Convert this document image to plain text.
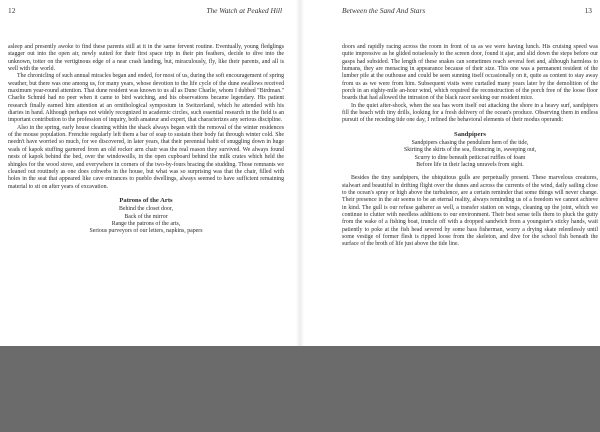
12	The Watch at Peaked Hill

asleep and presently awoke to find these parents still at it in the same fervent routine. Eventually, young fledglings stagger out into the open air, newly suited for their first space trip in their pin feathers, decide to dive into the unknown, totter on the vertiginous edge of a near crash landing, but, miraculously, fly, like their parents, and all is well with the world.

The chronicling of such annual miracles began and ended, for most of us, during the soft encouragement of spring weather, but there was one among us, for many years, whose devotion to the life cycle of the dune swallows received maximum year-round attention. That dune resident was known to us all as Dune Charlie, whom I dubbed "Birdman." Charlie Schmid had no peer when it came to bird watching, and his observations became legendary. His patient research finally earned him attention at an ornithological symposium in Switzerland, which he attended with his diaries in hand. Although perhaps not widely recognized in academic circles, such essential research in the field is an important contribution to the profession of inquiry, both amateur and expert, that characterizes any serious discipline.

Also in the spring, early house cleaning within the shack always began with the removal of the winter residences of the mouse population. Frenchie regularly left them a bar of soap to sustain their body fat through winter cold. She needn't have worried so much, for we discovered, in later years, that their perennial habit of snuggling down in huge wads of kapok stuffing garnered from an old rocker arm chair was the real reason they survived. We always found nests of kapok behind the bed, over the windowsills, in the open cupboard behind the milk crates which held the shingles for the wood stove, and everywhere in corners of the two-by-fours bracing the studding. Those remnants we cleaned out routinely as one does cobwebs in the house, but what was so surprising was that the chair, filled with holes in the seat that appeared like cave entrances to pueblo dwellings, always seemed to have sufficient remaining material to sit on after years of excavation.

Patrons of the Arts
Behind the closet door,
Back of the mirror
Range the patrons of the arts,
Serious purveyors of our letters, napkins, papers
Between the Sand And Stars	13

doors and rapidly racing across the room in front of us as we were having lunch. His cruising speed was quite impressive as he glided noiselessly to the screen door, found it ajar, and slid down the steps before our gasps had subsided. The length of these snakes can sometimes reach several feet and, although harmless to humans, they are menacing in appearance because of their size. This one was a permanent resident of the lumber pile at the outhouse and could be seen sunning itself occasionally on it, quite as content to stay away from us as we were from him. Subsequent visits were curtailed many years later by the demolition of the porch in an eighty-mile an-hour wind, which required the reconstruction of the porch free of the loose floor boards that had allowed the intrusion of the black racer seeking our resident mice.

In the quiet after-shock, when the sea has worn itself out attacking the shore in a heavy surf, sandpipers fill the beach with tiny drills, looking for a fresh delivery of the ocean's produce. Observing them in endless pursuit of the receding tide one day, I refined the behavioral elements of their modus operandi:

Sandpipers
Sandpipers chasing the pendulum hem of the tide,
Skirting the skirts of the sea, flouncing in, sweeping out,
Scurry to dine beneath petticoat ruffles of foam
Before life in their lacing unravels from sight.

Besides the tiny sandpipers, the ubiquitous gulls are perpetually present. These marvelous creatures, stalwart and beautiful in drifting flight over the dunes and across the currents of the wind, daily sailing close to the ocean's spray or high above the turbulence, are a certain reminder that some things will never change. Their presence in the air seems to be an eternal reality, always reminding us of a freedom we cannot achieve in kind. The gull is our refuse gatherer as well, a transfer station on wings, cleaning up the joint, which we continue to clutter with needless additions to our environment. Their best sense tells them to pluck the gutty from the wake of a fishing boat, truncle off with a dropped sandwich from a youngster's sticky hands, wait patiently to poke at the fish head severed by some bass fisherman, worry a drying skate relentlessly until some vestige of former flesh is ripped loose from the skeleton, and dive for the school fish beneath the surface of the broth of life just above the tide line.
